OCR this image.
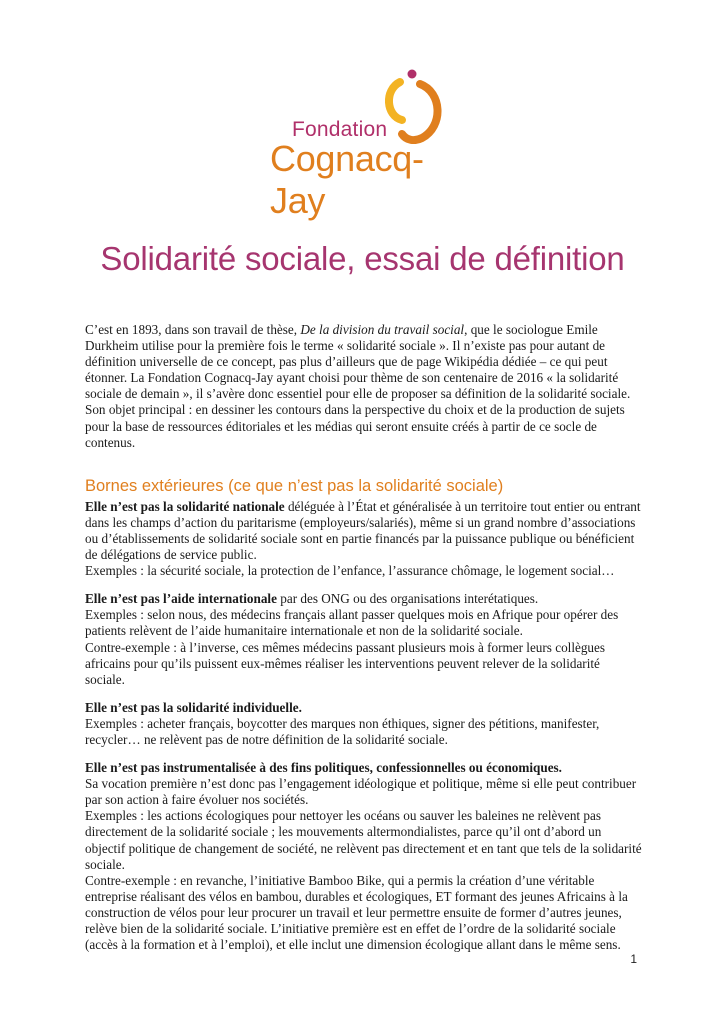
Fondation
Cognacq-Jay
Solidarité sociale, essai de définition

C’est en 1893, dans son travail de thèse, De la division du travail social, que le sociologue Emile Durkheim utilise pour la première fois le terme « solidarité sociale ». Il n’existe pas pour autant de définition universelle de ce concept, pas plus d’ailleurs que de page Wikipédia dédiée – ce qui peut étonner. La Fondation Cognacq-Jay ayant choisi pour thème de son centenaire de 2016 « la solidarité sociale de demain », il s’avère donc essentiel pour elle de proposer sa définition de la solidarité sociale. Son objet principal : en dessiner les contours dans la perspective du choix et de la production de sujets pour la base de ressources éditoriales et les médias qui seront ensuite créés à partir de ce socle de contenus.

Bornes extérieures (ce que n’est pas la solidarité sociale)

Elle n’est pas la solidarité nationale déléguée à l’État et généralisée à un territoire tout entier ou entrant dans les champs d’action du paritarisme (employeurs/salariés), même si un grand nombre d’associations ou d’établissements de solidarité sociale sont en partie financés par la puissance publique ou bénéficient de délégations de service public.

Exemples : la sécurité sociale, la protection de l’enfance, l’assurance chômage, le logement social…

Elle n’est pas l’aide internationale par des ONG ou des organisations interétatiques.

Exemples : selon nous, des médecins français allant passer quelques mois en Afrique pour opérer des patients relèvent de l’aide humanitaire internationale et non de la solidarité sociale.

Contre-exemple : à l’inverse, ces mêmes médecins passant plusieurs mois à former leurs collègues africains pour qu’ils puissent eux-mêmes réaliser les interventions peuvent relever de la solidarité sociale.

Elle n’est pas la solidarité individuelle.

Exemples : acheter français, boycotter des marques non éthiques, signer des pétitions, manifester, recycler… ne relèvent pas de notre définition de la solidarité sociale.

Elle n’est pas instrumentalisée à des fins politiques, confessionnelles ou économiques.

Sa vocation première n’est donc pas l’engagement idéologique et politique, même si elle peut contribuer par son action à faire évoluer nos sociétés.

Exemples : les actions écologiques pour nettoyer les océans ou sauver les baleines ne relèvent pas directement de la solidarité sociale ; les mouvements altermondialistes, parce qu’il ont d’abord un objectif politique de changement de société, ne relèvent pas directement et en tant que tels de la solidarité sociale.

Contre-exemple : en revanche, l’initiative Bamboo Bike, qui a permis la création d’une véritable entreprise réalisant des vélos en bambou, durables et écologiques, ET formant des jeunes Africains à la construction de vélos pour leur procurer un travail et leur permettre ensuite de former d’autres jeunes, relève bien de la solidarité sociale. L’initiative première est en effet de l’ordre de la solidarité sociale (accès à la formation et à l’emploi), et elle inclut une dimension écologique allant dans le même sens.

1
